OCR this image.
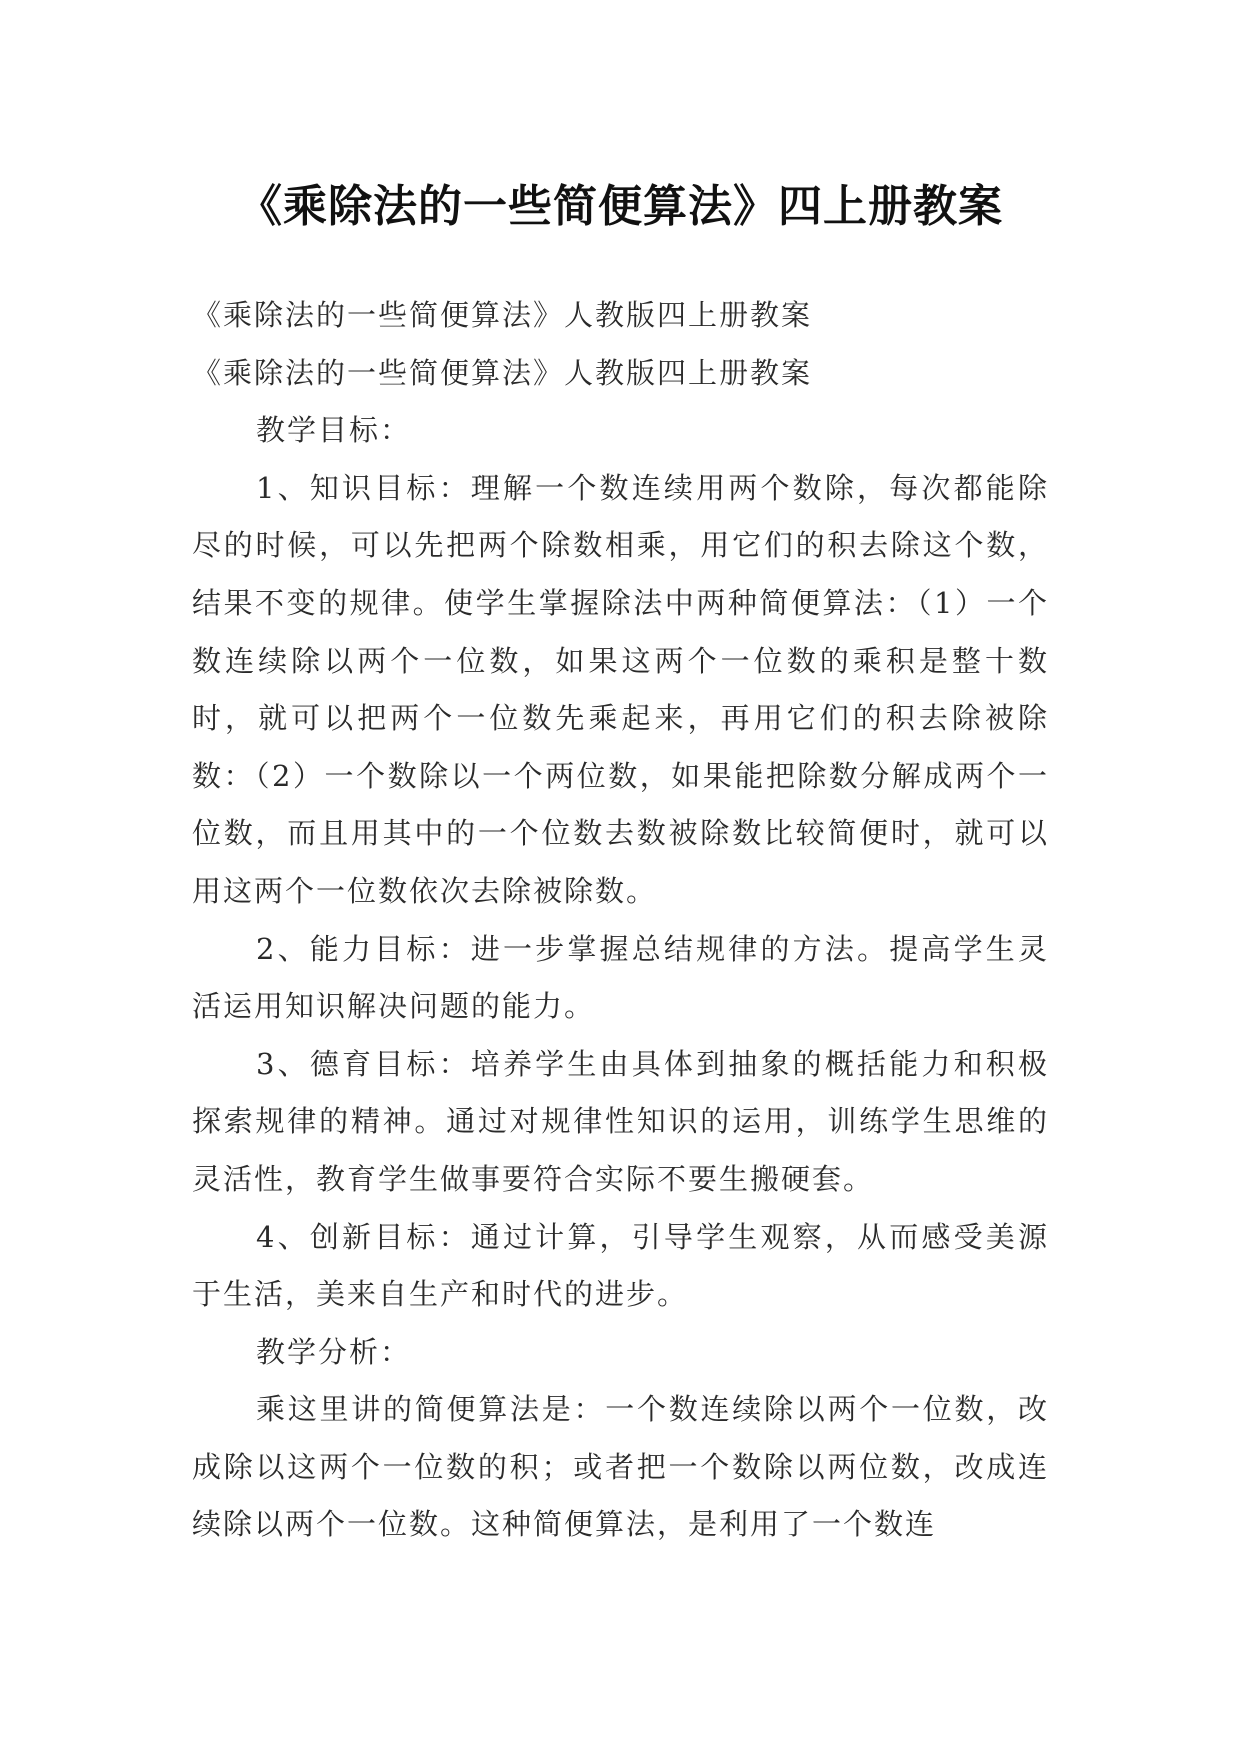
《乘除法的一些简便算法》四上册教案

《乘除法的一些简便算法》人教版四上册教案

《乘除法的一些简便算法》人教版四上册教案

教学目标：

1、知识目标：理解一个数连续用两个数除，每次都能除尽的时候，可以先把两个除数相乘，用它们的积去除这个数，结果不变的规律。使学生掌握除法中两种简便算法：（1）一个数连续除以两个一位数，如果这两个一位数的乘积是整十数时，就可以把两个一位数先乘起来，再用它们的积去除被除数：（2）一个数除以一个两位数，如果能把除数分解成两个一位数，而且用其中的一个位数去数被除数比较简便时，就可以用这两个一位数依次去除被除数。

2、能力目标：进一步掌握总结规律的方法。提高学生灵活运用知识解决问题的能力。

3、德育目标：培养学生由具体到抽象的概括能力和积极探索规律的精神。通过对规律性知识的运用，训练学生思维的灵活性，教育学生做事要符合实际不要生搬硬套。

4、创新目标：通过计算，引导学生观察，从而感受美源于生活，美来自生产和时代的进步。

教学分析：

乘这里讲的简便算法是：一个数连续除以两个一位数，改成除以这两个一位数的积；或者把一个数除以两位数，改成连续除以两个一位数。这种简便算法，是利用了一个数连
